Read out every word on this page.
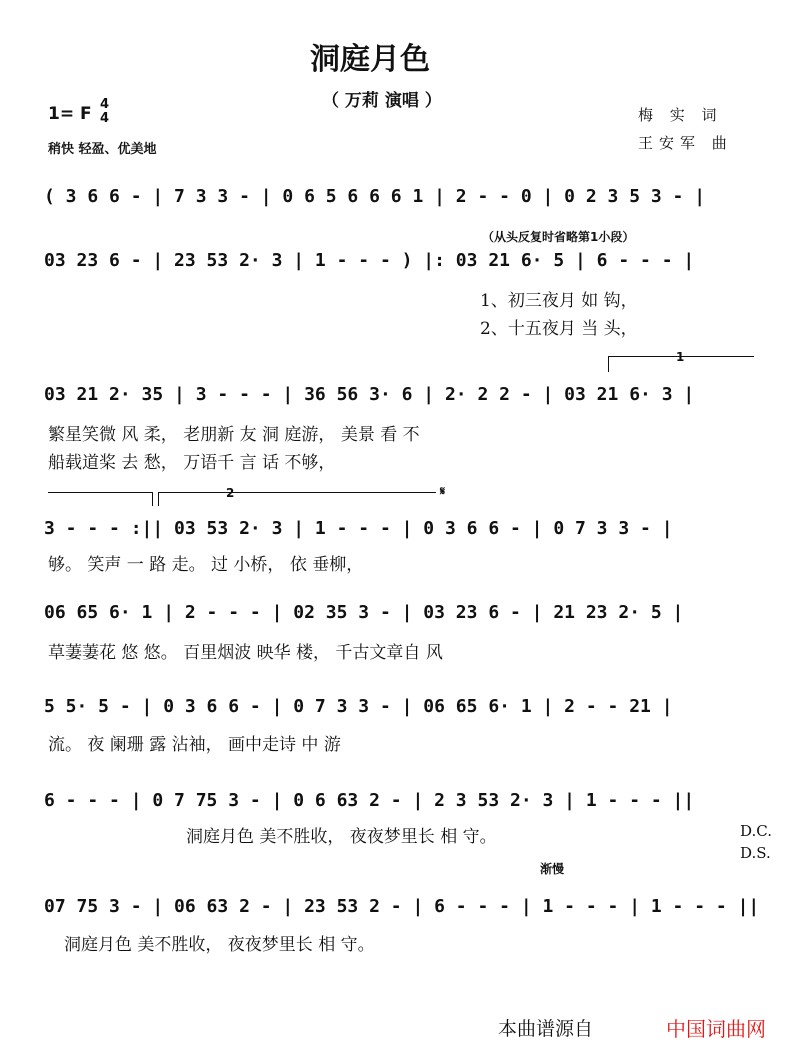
洞庭月色
（ 万莉 演唱 ）
1= F 4
4
稍快 轻盈、优美地
梅 实 词
王安军 曲
( 3 6 6 - | 7 3 3 - | 0 6 5 6 6 6 1 | 2 - - 0 | 0 2 3 5 3 - |
（从头反复时省略第1小段）
03 23 6 - | 23 53 2· 3 | 1 - - - ) |: 03 21 6· 5 | 6 - - - |
1、初三夜月 如 钩，
2、十五夜月 当 头，
1
03 21 2· 35 | 3 - - - | 36 56 3· 6 | 2· 2 2 - | 03 21 6· 3 |
繁星笑微 风 柔， 老朋新 友 洞 庭游， 美景 看 不
船载道桨 去 愁， 万语千 言 话 不够，
2	𝄋
3 - - - :|| 03 53 2· 3 | 1 - - - | 0 3 6 6 - | 0 7 3 3 - |
够。 笑声 一 路 走。 过 小桥， 依 垂柳，
06 65 6· 1 | 2 - - - | 02 35 3 - | 03 23 6 - | 21 23 2· 5 |
草萋萋花 悠 悠。 百里烟波 映华 楼， 千古文章自 风
5 5· 5 - | 0 3 6 6 - | 0 7 3 3 - | 06 65 6· 1 | 2 - - 21 |
流。 夜 阑珊 露 沾袖， 画中走诗 中 游
6 - - - | 0 7 75 3 - | 0 6 63 2 - | 2 3 53 2· 3 | 1 - - - ||
洞庭月色 美不胜收， 夜夜梦里长 相 守。	D.C.
D.S.
渐慢
07 75 3 - | 06 63 2 - | 23 53 2 - | 6 - - - | 1 - - - | 1 - - - ||
洞庭月色 美不胜收， 夜夜梦里长 相 守。
本曲谱源自	中国词曲网
